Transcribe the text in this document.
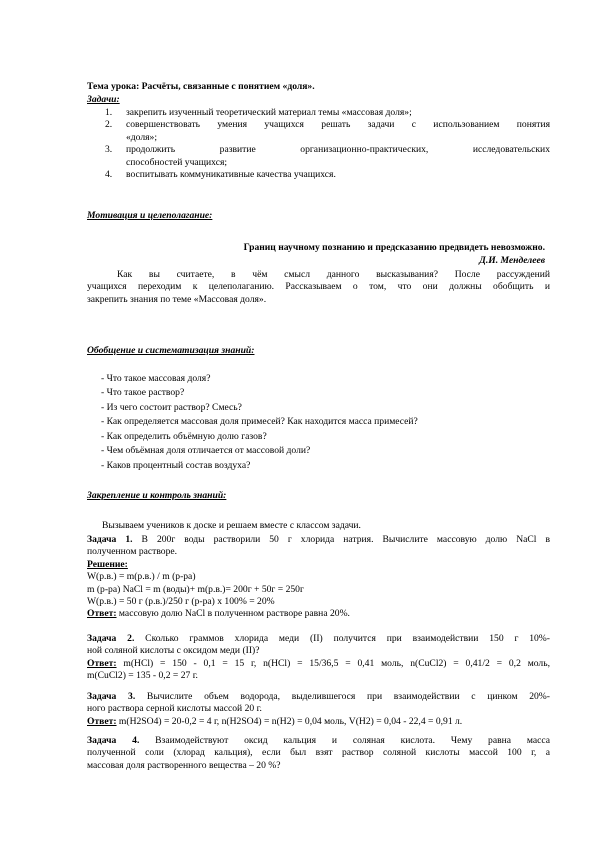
Тема урока: Расчёты, связанные с понятием «доля».
Задачи:
1. закрепить изученный теоретический материал темы «массовая доля»;
2. совершенствовать умения учащихся решать задачи с использованием понятия
«доля»;
3. продолжить развитие организационно-практических, исследовательских
способностей учащихся;
4. воспитывать коммуникативные качества учащихся.
Мотивация и целеполагание:
Границ научному познанию и предсказанию предвидеть невозможно.
Д.И. Менделеев
Как вы считаете, в чём смысл данного высказывания? После рассуждений
учащихся переходим к целеполаганию. Рассказываем о том, что они должны обобщить и
закрепить знания по теме «Массовая доля».
Обобщение и систематизация знаний:
- Что такое массовая доля?
- Что такое раствор?
- Из чего состоит раствор? Смесь?
- Как определяется массовая доля примесей? Как находится масса примесей?
- Как определить объёмную долю газов?
- Чем объёмная доля отличается от массовой доли?
- Каков процентный состав воздуха?
Закрепление и контроль знаний:
Вызываем учеников к доске и решаем вместе с классом задачи.
Задача 1. В 200г воды растворили 50 г хлорида натрия. Вычислите массовую долю NaCl в
полученном растворе.
Решение:
W(р.в.) = m(р.в.) / m (р-ра)
m (р-ра) NaCl = m (воды)+ m(р.в.)= 200г + 50г = 250г
W(р.в.) = 50 г (р.в.)/250 г (р-ра) х 100% = 20%
Ответ: массовую долю NaCl в полученном растворе равна 20%.
Задача 2. Сколько граммов хлорида меди (II) получится при взаимодействии 150 г 10%-
ной соляной кислоты с оксидом меди (II)?
Ответ: m(HCl) = 150 - 0,1 = 15 г, n(HCl) = 15/36,5 = 0,41 моль, n(CuCl2) = 0,41/2 = 0,2 моль,
m(CuCl2) = 135 - 0,2 = 27 г.
Задача 3. Вычислите объем водорода, выделившегося при взаимодействии с цинком 20%-
ного раствора серной кислоты массой 20 г.
Ответ: m(H2SO4) = 20-0,2 = 4 г, n(H2SO4) = n(H2) = 0,04 моль, V(H2) = 0,04 - 22,4 = 0,91 л.
Задача 4. Взаимодействуют оксид кальция и соляная кислота. Чему равна масса
полученной соли (хлорад кальция), если был взят раствор соляной кислоты массой 100 г, а
массовая доля растворенного вещества – 20 %?
